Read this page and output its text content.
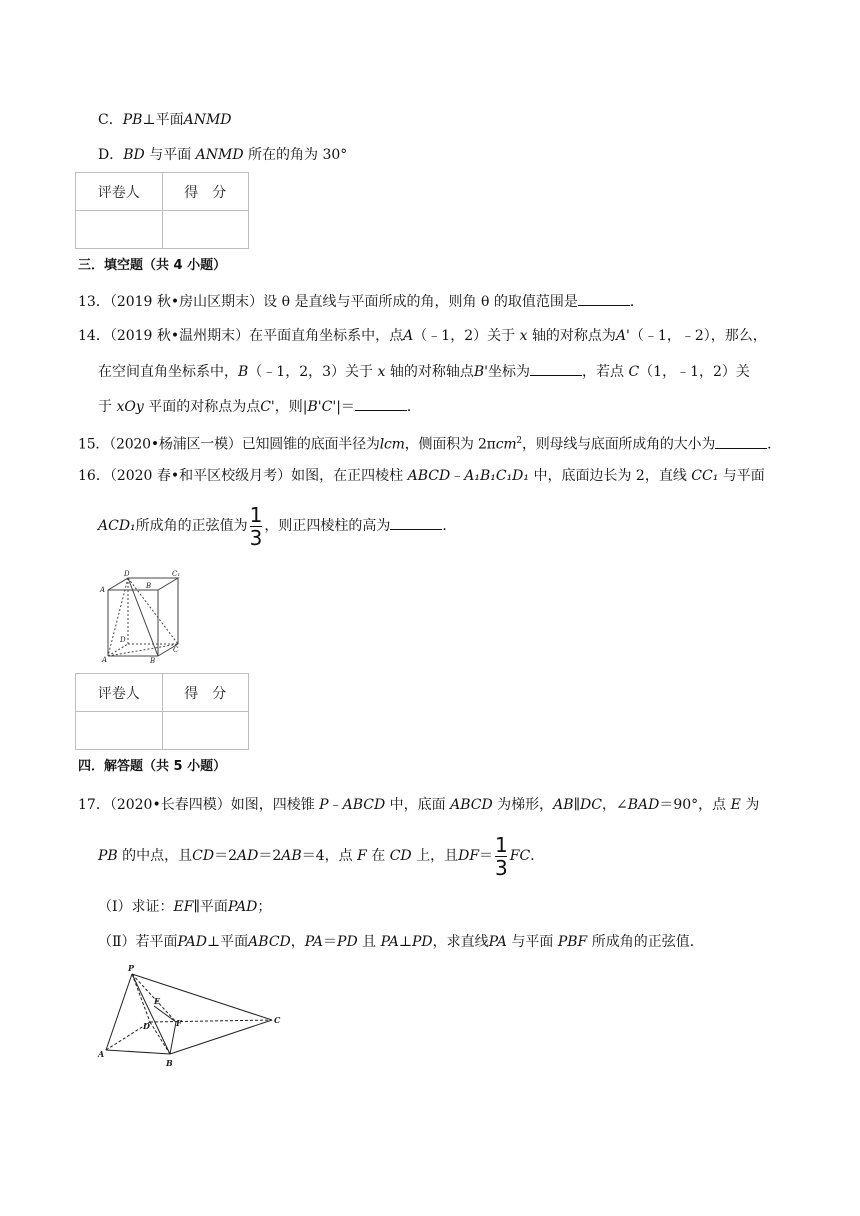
C．PB⊥平面ANMD
D．BD 与平面 ANMD 所在的角为 30°
评卷人	得　分

三．填空题（共 4 小题）
13．（2019 秋•房山区期末）设 θ 是直线与平面所成的角，则角 θ 的取值范围是	．
14．（2019 秋•温州期末）在平面直角坐标系中，点A（﹣1，2）关于 x 轴的对称点为A'（﹣1，﹣2），那么，
在空间直角坐标系中，B（﹣1，2，3）关于 x 轴的对称轴点B'坐标为	，若点 C（1，﹣1，2）关
于 xOy 平面的对称点为点C'，则|B'C'|＝	．
15．（2020•杨浦区一模）已知圆锥的底面半径为lcm，侧面积为 2πcm$^2$，则母线与底面所成角的大小为	．
16．（2020 春•和平区校级月考）如图，在正四棱柱 ABCD﹣A₁B₁C₁D₁ 中，底面边长为 2，直线 CC₁ 与平面
ACD₁所成角的正弦值为 $\frac{1}{3}$ ，则正四棱柱的高为	．
D
B
C₁
A
D
A	B
C
评卷人	得　分

四．解答题（共 5 小题）
17．（2020•长春四模）如图，四棱锥 P﹣ABCD 中，底面 ABCD 为梯形，AB∥DC，∠BAD＝90°，点 E 为
PB 的中点，且CD＝2AD＝2AB＝4，点 F 在 CD 上，且$DF= \frac{1}{3}$ FC．
（Ⅰ）求证：EF∥平面PAD；
（Ⅱ）若平面PAD⊥平面ABCD，PA＝PD 且 PA⊥PD，求直线PA 与平面 PBF 所成角的正弦值．
P
E
D	F	C
A
B
